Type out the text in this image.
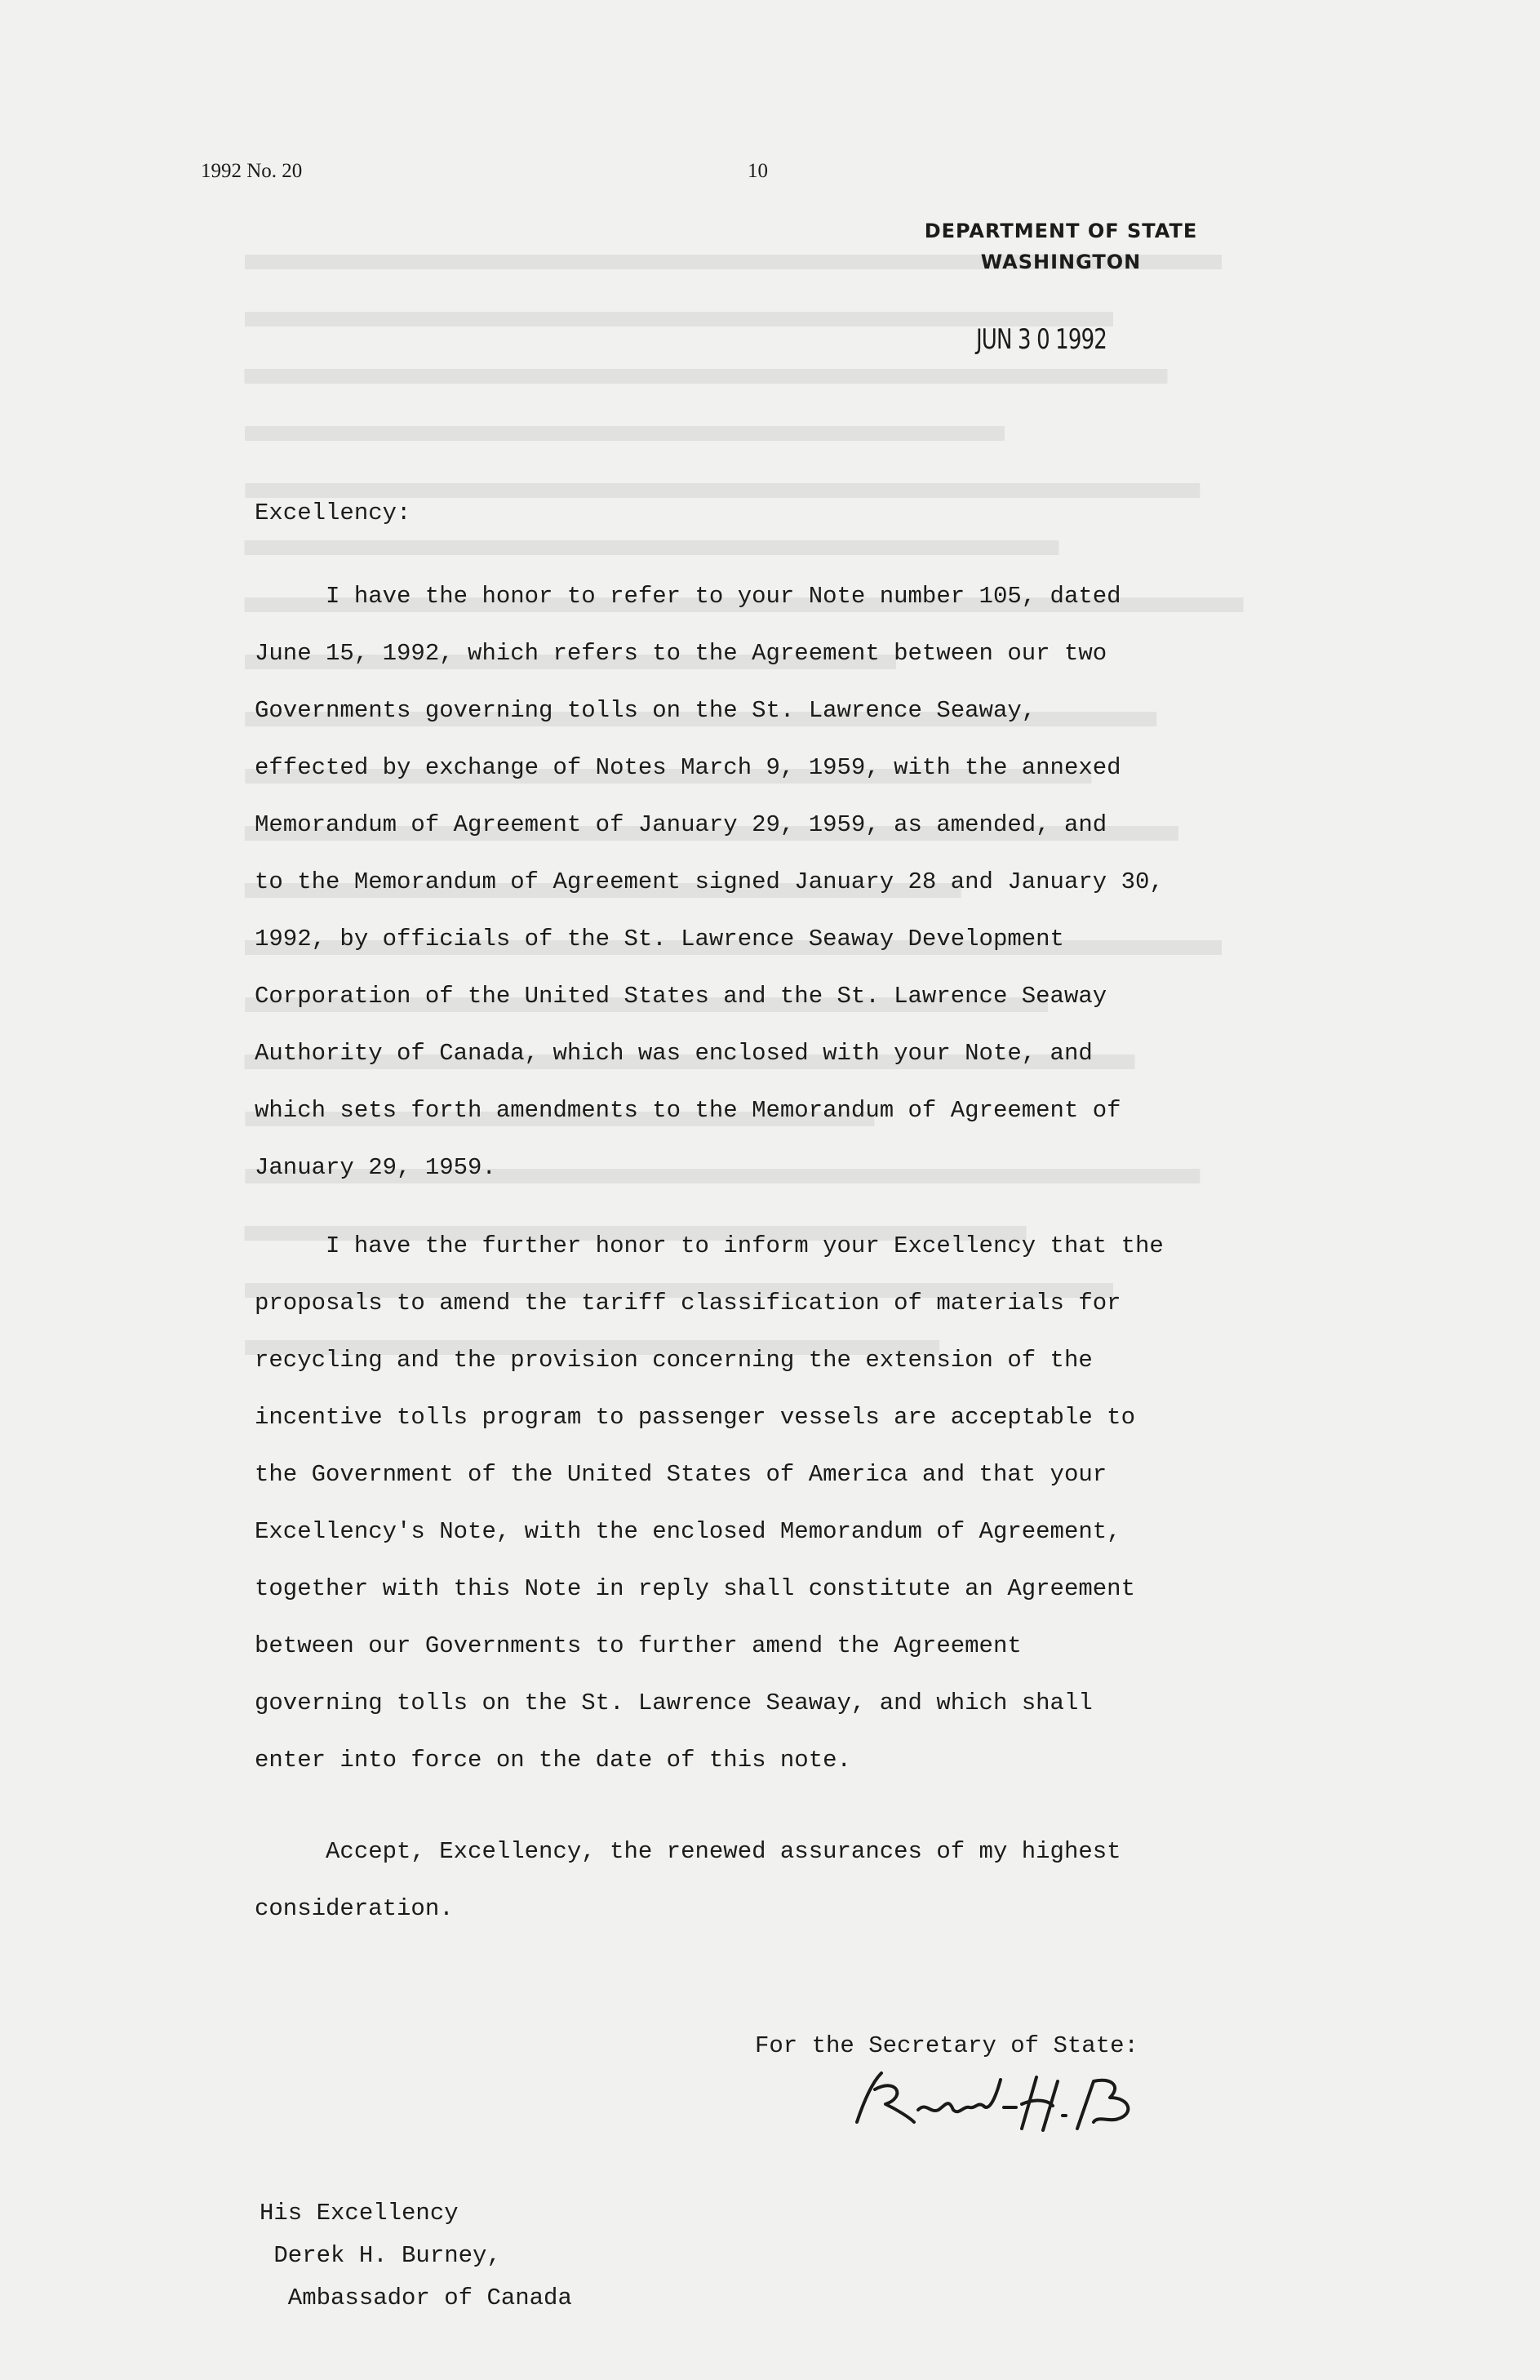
1992 No. 20	10
DEPARTMENT OF STATE
WASHINGTON
JUN 3 0 1992
Excellency:
I have the honor to refer to your Note number 105, dated
June 15, 1992, which refers to the Agreement between our two
Governments governing tolls on the St. Lawrence Seaway,
effected by exchange of Notes March 9, 1959, with the annexed
Memorandum of Agreement of January 29, 1959, as amended, and
to the Memorandum of Agreement signed January 28 and January 30,
1992, by officials of the St. Lawrence Seaway Development
Corporation of the United States and the St. Lawrence Seaway
Authority of Canada, which was enclosed with your Note, and
which sets forth amendments to the Memorandum of Agreement of
January 29, 1959.
I have the further honor to inform your Excellency that the
proposals to amend the tariff classification of materials for
recycling and the provision concerning the extension of the
incentive tolls program to passenger vessels are acceptable to
the Government of the United States of America and that your
Excellency's Note, with the enclosed Memorandum of Agreement,
together with this Note in reply shall constitute an Agreement
between our Governments to further amend the Agreement
governing tolls on the St. Lawrence Seaway, and which shall
enter into force on the date of this note.
Accept, Excellency, the renewed assurances of my highest
consideration.
For the Secretary of State:
His Excellency
Derek H. Burney,
Ambassador of Canada
